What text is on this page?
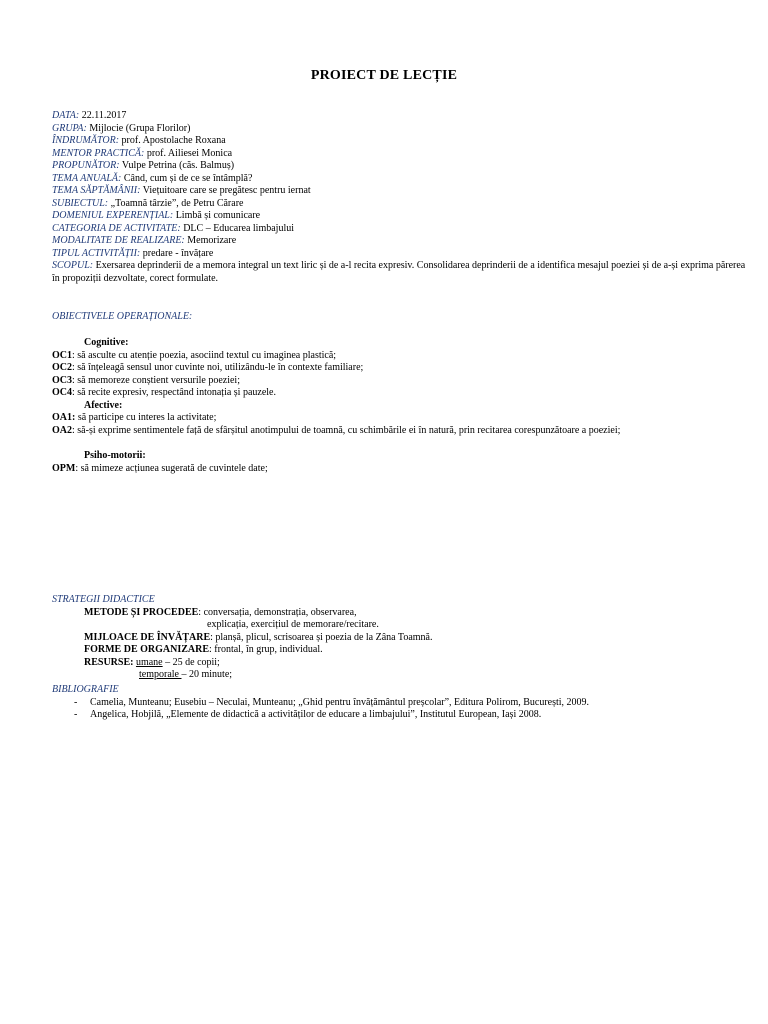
PROIECT DE LECȚIE
DATA: 22.11.2017
GRUPA: Mijlocie (Grupa Florilor)
ÎNDRUMĂTOR: prof. Apostolache Roxana
MENTOR PRACTICĂ: prof. Ailiesei Monica
PROPUNĂTOR: Vulpe Petrina (căs. Balmuș)
TEMA ANUALĂ: Când, cum și de ce se întâmplă?
TEMA SĂPTĂMÂNII: Viețuitoare care se pregătesc pentru iernat
SUBIECTUL: „Toamnă târzie”, de Petru Cărare
DOMENIUL EXPERENȚIAL: Limbă și comunicare
CATEGORIA DE ACTIVITATE: DLC – Educarea limbajului
MODALITATE DE REALIZARE: Memorizare
TIPUL ACTIVITĂȚII: predare - învățare
SCOPUL: Exersarea deprinderii de a memora integral un text liric și de a-l recita expresiv. Consolidarea deprinderii de a identifica mesajul poeziei și de a-și exprima părerea în propoziții dezvoltate, corect formulate.
OBIECTIVELE OPERAȚIONALE:
Cognitive:
OC1: să asculte cu atenție poezia, asociind textul cu imaginea plastică;
OC2: să înțeleagă sensul unor cuvinte noi, utilizându-le în contexte familiare;
OC3: să memoreze conștient versurile poeziei;
OC4: să recite expresiv, respectând intonația și pauzele.
Afective:
OA1: să participe cu interes la activitate;
OA2: să-și exprime sentimentele față de sfârșitul anotimpului de toamnă, cu schimbările ei în natură, prin recitarea corespunzătoare a poeziei;
Psiho-motorii:
OPM: să mimeze acțiunea sugerată de cuvintele date;
STRATEGII DIDACTICE
METODE ȘI PROCEDEE: conversația, demonstrația, observarea,
explicația, exercițiul de memorare/recitare.
MIJLOACE DE ÎNVĂȚARE: planșă, plicul, scrisoarea și poezia de la Zâna Toamnă.
FORME DE ORGANIZARE: frontal, în grup, individual.
RESURSE: umane – 25 de copii;
temporale – 20 minute;
BIBLIOGRAFIE
- Camelia, Munteanu; Eusebiu – Neculai, Munteanu; „Ghid pentru învățământul preșcolar”, Editura Polirom, București, 2009.
- Angelica, Hobjilă, „Elemente de didactică a activităților de educare a limbajului”, Institutul European, Iași 2008.
